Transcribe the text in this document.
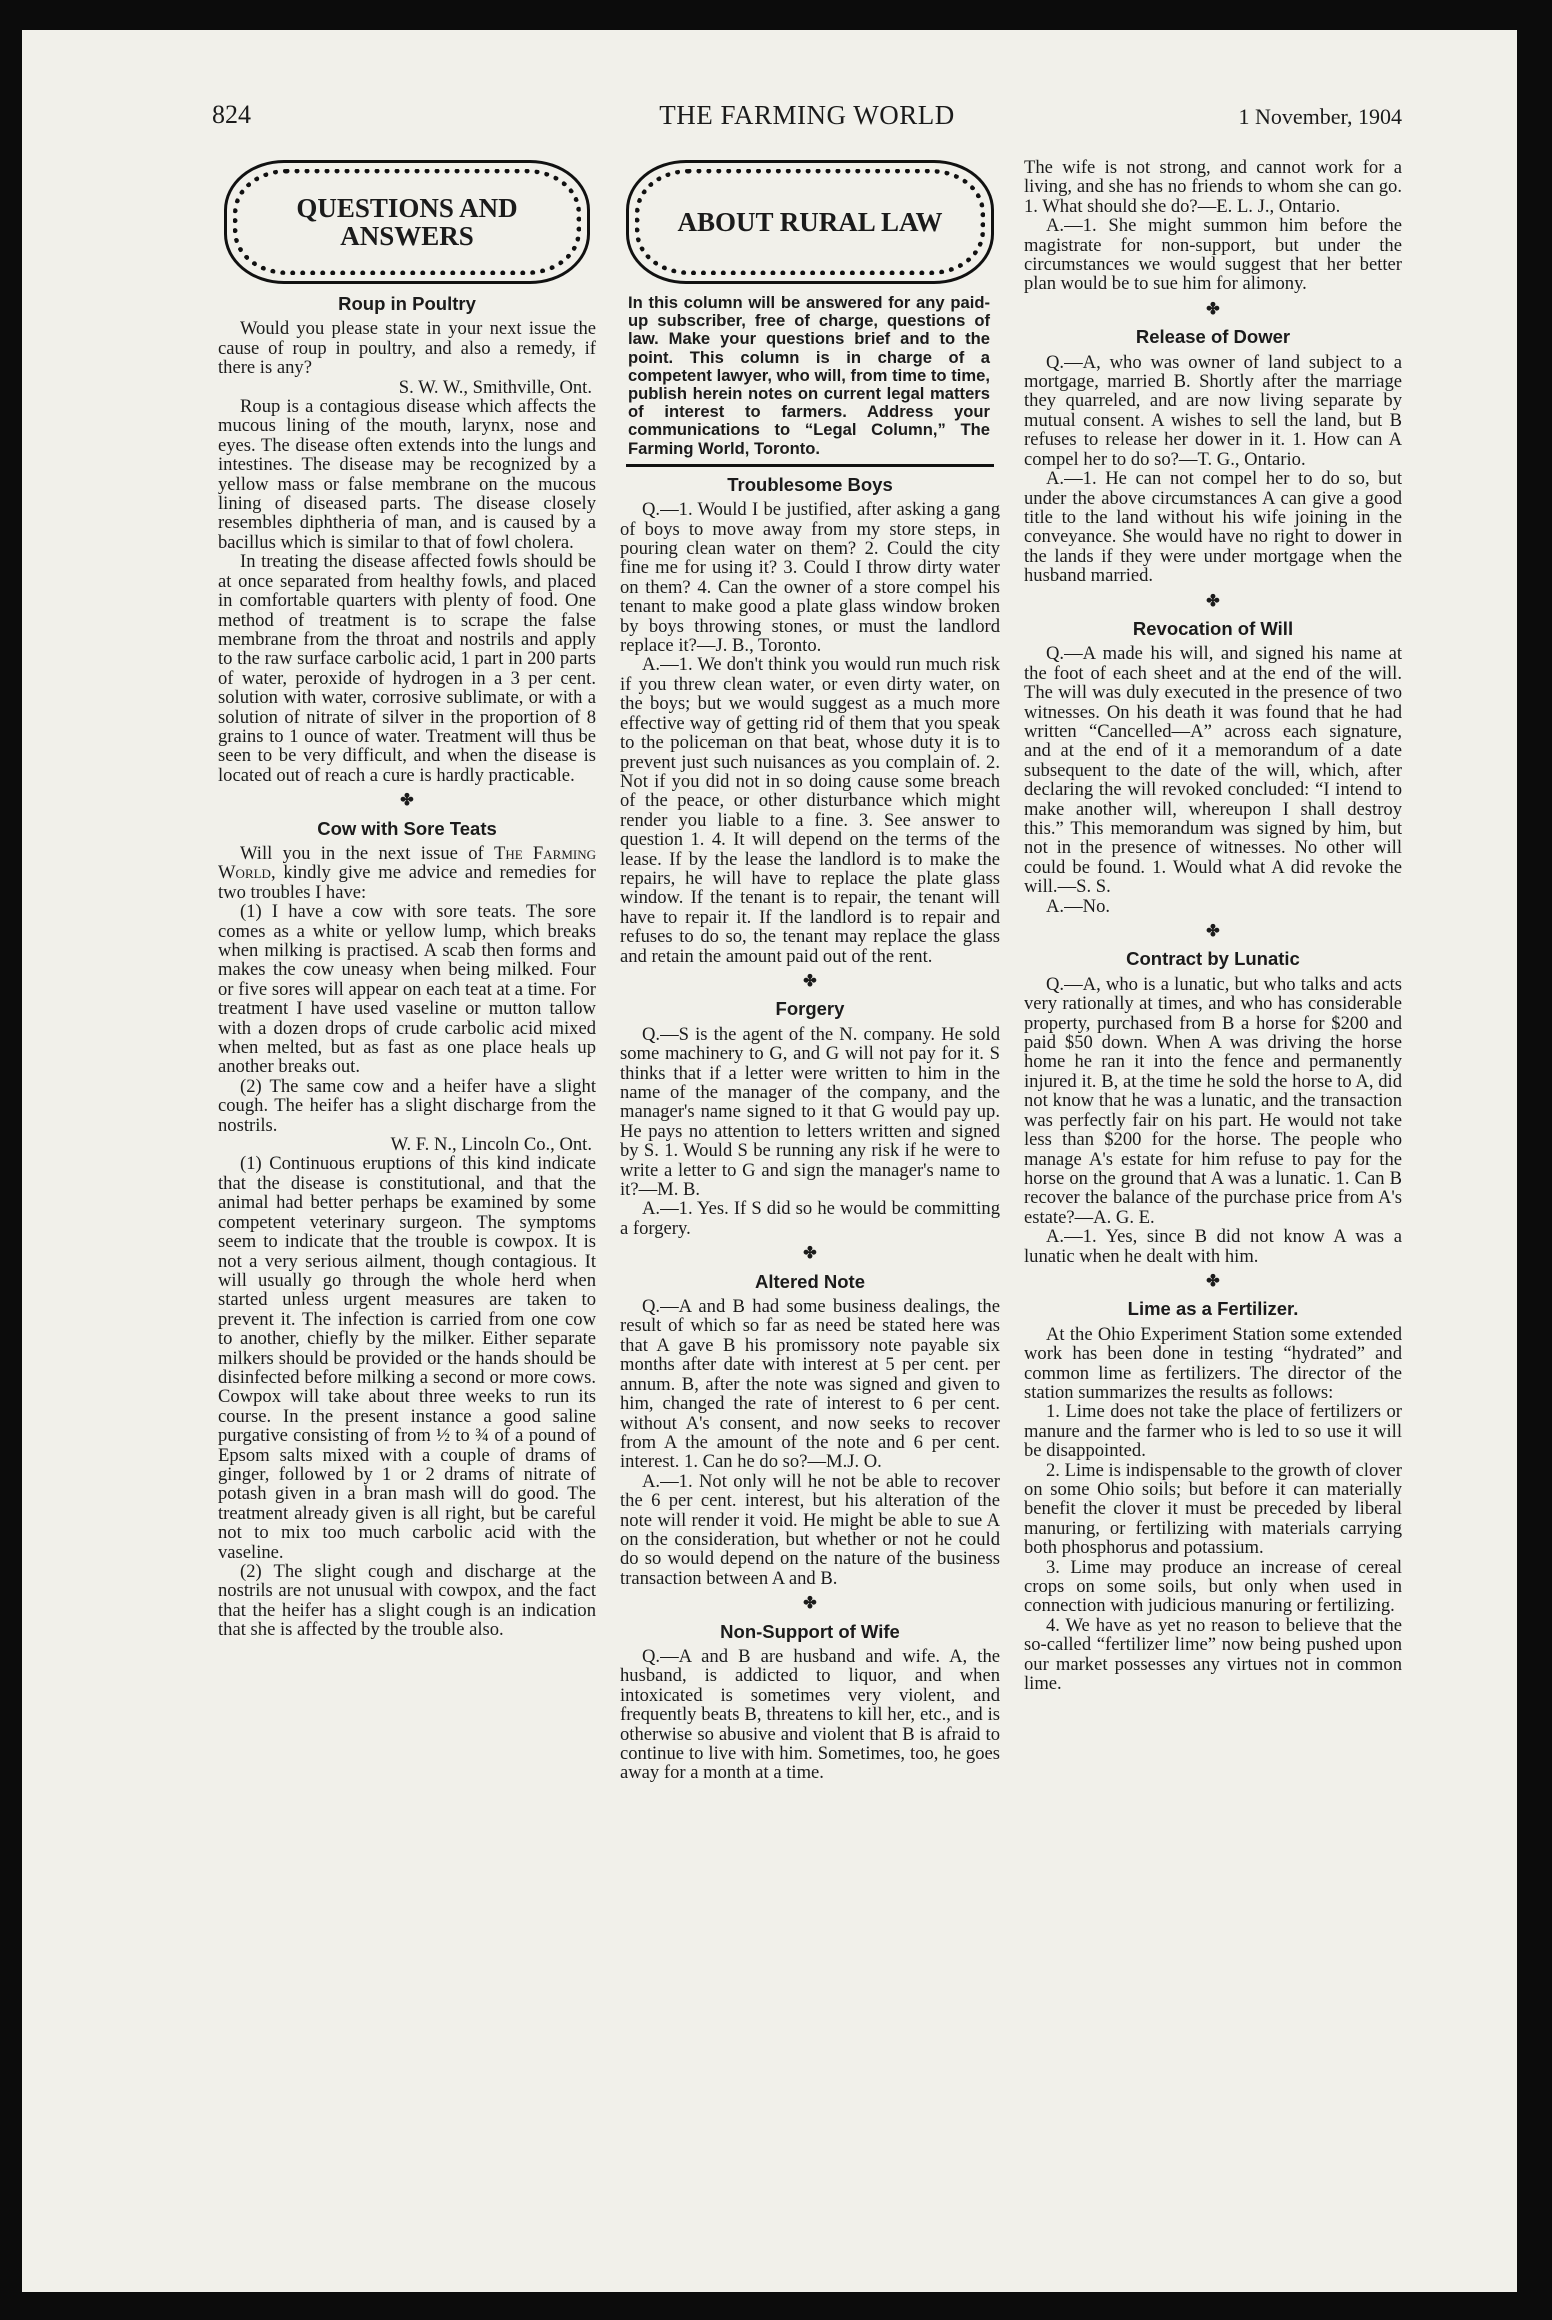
824	THE FARMING WORLD	1 November, 1904
QUESTIONS AND
ANSWERS
Roup in Poultry

Would you please state in your next issue the cause of roup in poultry, and also a remedy, if there is any?

S. W. W., Smithville, Ont.

Roup is a contagious disease which affects the mucous lining of the mouth, larynx, nose and eyes. The disease often extends into the lungs and intestines. The disease may be recognized by a yellow mass or false membrane on the mucous lining of diseased parts. The disease closely resembles diphtheria of man, and is caused by a bacillus which is similar to that of fowl cholera.

In treating the disease affected fowls should be at once separated from healthy fowls, and placed in comfortable quarters with plenty of food. One method of treatment is to scrape the false membrane from the throat and nostrils and apply to the raw surface carbolic acid, 1 part in 200 parts of water, peroxide of hydrogen in a 3 per cent. solution with water, corrosive sublimate, or with a solution of nitrate of silver in the proportion of 8 grains to 1 ounce of water. Treatment will thus be seen to be very difficult, and when the disease is located out of reach a cure is hardly practicable.

✤
Cow with Sore Teats

Will you in the next issue of The Farming World, kindly give me advice and remedies for two troubles I have:

(1) I have a cow with sore teats. The sore comes as a white or yellow lump, which breaks when milking is practised. A scab then forms and makes the cow uneasy when being milked. Four or five sores will appear on each teat at a time. For treatment I have used vaseline or mutton tallow with a dozen drops of crude carbolic acid mixed when melted, but as fast as one place heals up another breaks out.

(2) The same cow and a heifer have a slight cough. The heifer has a slight discharge from the nostrils.

W. F. N., Lincoln Co., Ont.

(1) Continuous eruptions of this kind indicate that the disease is constitutional, and that the animal had better perhaps be examined by some competent veterinary surgeon. The symptoms seem to indicate that the trouble is cowpox. It is not a very serious ailment, though contagious. It will usually go through the whole herd when started unless urgent measures are taken to prevent it. The infection is carried from one cow to another, chiefly by the milker. Either separate milkers should be provided or the hands should be disinfected before milking a second or more cows. Cowpox will take about three weeks to run its course. In the present instance a good saline purgative consisting of from ½ to ¾ of a pound of Epsom salts mixed with a couple of drams of ginger, followed by 1 or 2 drams of nitrate of potash given in a bran mash will do good. The treatment already given is all right, but be careful not to mix too much carbolic acid with the vaseline.

(2) The slight cough and discharge at the nostrils are not unusual with cowpox, and the fact that the heifer has a slight cough is an indication that she is affected by the trouble also.

ABOUT RURAL LAW
In this column will be answered for any paid-up subscriber, free of charge, questions of law. Make your questions brief and to the point. This column is in charge of a competent lawyer, who will, from time to time, publish herein notes on current legal matters of interest to farmers. Address your communications to “Legal Column,” The Farming World, Toronto.
Troublesome Boys

Q.—1. Would I be justified, after asking a gang of boys to move away from my store steps, in pouring clean water on them? 2. Could the city fine me for using it? 3. Could I throw dirty water on them? 4. Can the owner of a store compel his tenant to make good a plate glass window broken by boys throwing stones, or must the landlord replace it?—J. B., Toronto.

A.—1. We don't think you would run much risk if you threw clean water, or even dirty water, on the boys; but we would suggest as a much more effective way of getting rid of them that you speak to the policeman on that beat, whose duty it is to prevent just such nuisances as you complain of. 2. Not if you did not in so doing cause some breach of the peace, or other disturbance which might render you liable to a fine. 3. See answer to question 1. 4. It will depend on the terms of the lease. If by the lease the landlord is to make the repairs, he will have to replace the plate glass window. If the tenant is to repair, the tenant will have to repair it. If the landlord is to repair and refuses to do so, the tenant may replace the glass and retain the amount paid out of the rent.

✤
Forgery

Q.—S is the agent of the N. company. He sold some machinery to G, and G will not pay for it. S thinks that if a letter were written to him in the name of the manager of the company, and the manager's name signed to it that G would pay up. He pays no attention to letters written and signed by S. 1. Would S be running any risk if he were to write a letter to G and sign the manager's name to it?—M. B.

A.—1. Yes. If S did so he would be committing a forgery.

✤
Altered Note

Q.—A and B had some business dealings, the result of which so far as need be stated here was that A gave B his promissory note payable six months after date with interest at 5 per cent. per annum. B, after the note was signed and given to him, changed the rate of interest to 6 per cent. without A's consent, and now seeks to recover from A the amount of the note and 6 per cent. interest. 1. Can he do so?—M.J. O.

A.—1. Not only will he not be able to recover the 6 per cent. interest, but his alteration of the note will render it void. He might be able to sue A on the consideration, but whether or not he could do so would depend on the nature of the business transaction between A and B.

✤
Non-Support of Wife

Q.—A and B are husband and wife. A, the husband, is addicted to liquor, and when intoxicated is sometimes very violent, and frequently beats B, threatens to kill her, etc., and is otherwise so abusive and violent that B is afraid to continue to live with him. Sometimes, too, he goes away for a month at a time.

The wife is not strong, and cannot work for a living, and she has no friends to whom she can go. 1. What should she do?—E. L. J., Ontario.

A.—1. She might summon him before the magistrate for non-support, but under the circumstances we would suggest that her better plan would be to sue him for alimony.

✤
Release of Dower

Q.—A, who was owner of land subject to a mortgage, married B. Shortly after the marriage they quarreled, and are now living separate by mutual consent. A wishes to sell the land, but B refuses to release her dower in it. 1. How can A compel her to do so?—T. G., Ontario.

A.—1. He can not compel her to do so, but under the above circumstances A can give a good title to the land without his wife joining in the conveyance. She would have no right to dower in the lands if they were under mortgage when the husband married.

✤
Revocation of Will

Q.—A made his will, and signed his name at the foot of each sheet and at the end of the will. The will was duly executed in the presence of two witnesses. On his death it was found that he had written “Cancelled—A” across each signature, and at the end of it a memorandum of a date subsequent to the date of the will, which, after declaring the will revoked concluded: “I intend to make another will, whereupon I shall destroy this.” This memorandum was signed by him, but not in the presence of witnesses. No other will could be found. 1. Would what A did revoke the will.—S. S.

A.—No.

✤
Contract by Lunatic

Q.—A, who is a lunatic, but who talks and acts very rationally at times, and who has considerable property, purchased from B a horse for $200 and paid $50 down. When A was driving the horse home he ran it into the fence and permanently injured it. B, at the time he sold the horse to A, did not know that he was a lunatic, and the transaction was perfectly fair on his part. He would not take less than $200 for the horse. The people who manage A's estate for him refuse to pay for the horse on the ground that A was a lunatic. 1. Can B recover the balance of the purchase price from A's estate?—A. G. E.

A.—1. Yes, since B did not know A was a lunatic when he dealt with him.

✤
Lime as a Fertilizer.

At the Ohio Experiment Station some extended work has been done in testing “hydrated” and common lime as fertilizers. The director of the station summarizes the results as follows:

1. Lime does not take the place of fertilizers or manure and the farmer who is led to so use it will be disappointed.

2. Lime is indispensable to the growth of clover on some Ohio soils; but before it can materially benefit the clover it must be preceded by liberal manuring, or fertilizing with materials carrying both phosphorus and potassium.

3. Lime may produce an increase of cereal crops on some soils, but only when used in connection with judicious manuring or fertilizing.

4. We have as yet no reason to believe that the so-called “fertilizer lime” now being pushed upon our market possesses any virtues not in common lime.
